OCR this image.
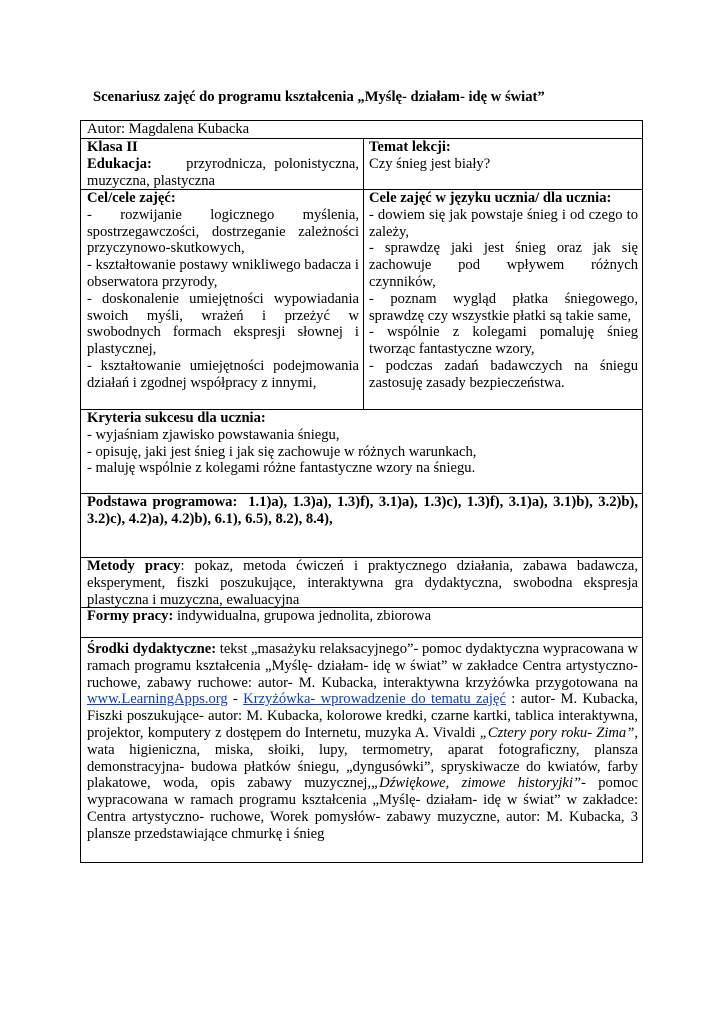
Scenariusz zajęć do programu kształcenia „Myślę- działam- idę w świat”
Autor: Magdalena Kubacka
Klasa II
Edukacja: przyrodnicza, polonistyczna, muzyczna, plastyczna
Temat lekcji:
Czy śnieg jest biały?
Cel/cele zajęć:
- rozwijanie logicznego myślenia, spostrzegawczości, dostrzeganie zależności przyczynowo-skutkowych,
- kształtowanie postawy wnikliwego badacza i obserwatora przyrody,
- doskonalenie umiejętności wypowiadania swoich myśli, wrażeń i przeżyć w swobodnych formach ekspresji słownej i plastycznej,
- kształtowanie umiejętności podejmowania działań i zgodnej współpracy z innymi,
Cele zajęć w języku ucznia/ dla ucznia:
- dowiem się jak powstaje śnieg i od czego to zależy,
- sprawdzę jaki jest śnieg oraz jak się zachowuje pod wpływem różnych czynników,
- poznam wygląd płatka śniegowego, sprawdzę czy wszystkie płatki są takie same,
- wspólnie z kolegami pomaluję śnieg tworząc fantastyczne wzory,
- podczas zadań badawczych na śniegu zastosuję zasady bezpieczeństwa.
Kryteria sukcesu dla ucznia:
- wyjaśniam zjawisko powstawania śniegu,
- opisuję, jaki jest śnieg i jak się zachowuje w różnych warunkach,
- maluję wspólnie z kolegami różne fantastyczne wzory na śniegu.
Podstawa programowa: 1.1)a), 1.3)a), 1.3)f), 3.1)a), 1.3)c), 1.3)f), 3.1)a), 3.1)b), 3.2)b), 3.2)c), 4.2)a), 4.2)b), 6.1), 6.5), 8.2), 8.4),
Metody pracy: pokaz, metoda ćwiczeń i praktycznego działania, zabawa badawcza, eksperyment, fiszki poszukujące, interaktywna gra dydaktyczna, swobodna ekspresja plastyczna i muzyczna, ewaluacyjna
Formy pracy: indywidualna, grupowa jednolita, zbiorowa
Środki dydaktyczne: tekst „masażyku relaksacyjnego”- pomoc dydaktyczna wypracowana w ramach programu kształcenia „Myślę- działam- idę w świat” w zakładce Centra artystyczno-ruchowe, zabawy ruchowe: autor- M. Kubacka, interaktywna krzyżówka przygotowana na www.LearningApps.org - Krzyżówka- wprowadzenie do tematu zajęć : autor- M. Kubacka, Fiszki poszukujące- autor: M. Kubacka, kolorowe kredki, czarne kartki, tablica interaktywna, projektor, komputery z dostępem do Internetu, muzyka A. Vivaldi „Cztery pory roku- Zima”, wata higieniczna, miska, słoiki, lupy, termometry, aparat fotograficzny, plansza demonstracyjna- budowa płatków śniegu, „dyngusówki”, spryskiwacze do kwiatów, farby plakatowe, woda, opis zabawy muzycznej,„Dźwiękowe, zimowe historyjki”- pomoc wypracowana w ramach programu kształcenia „Myślę- działam- idę w świat” w zakładce: Centra artystyczno- ruchowe, Worek pomysłów- zabawy muzyczne, autor: M. Kubacka, 3 plansze przedstawiające chmurkę i śnieg
